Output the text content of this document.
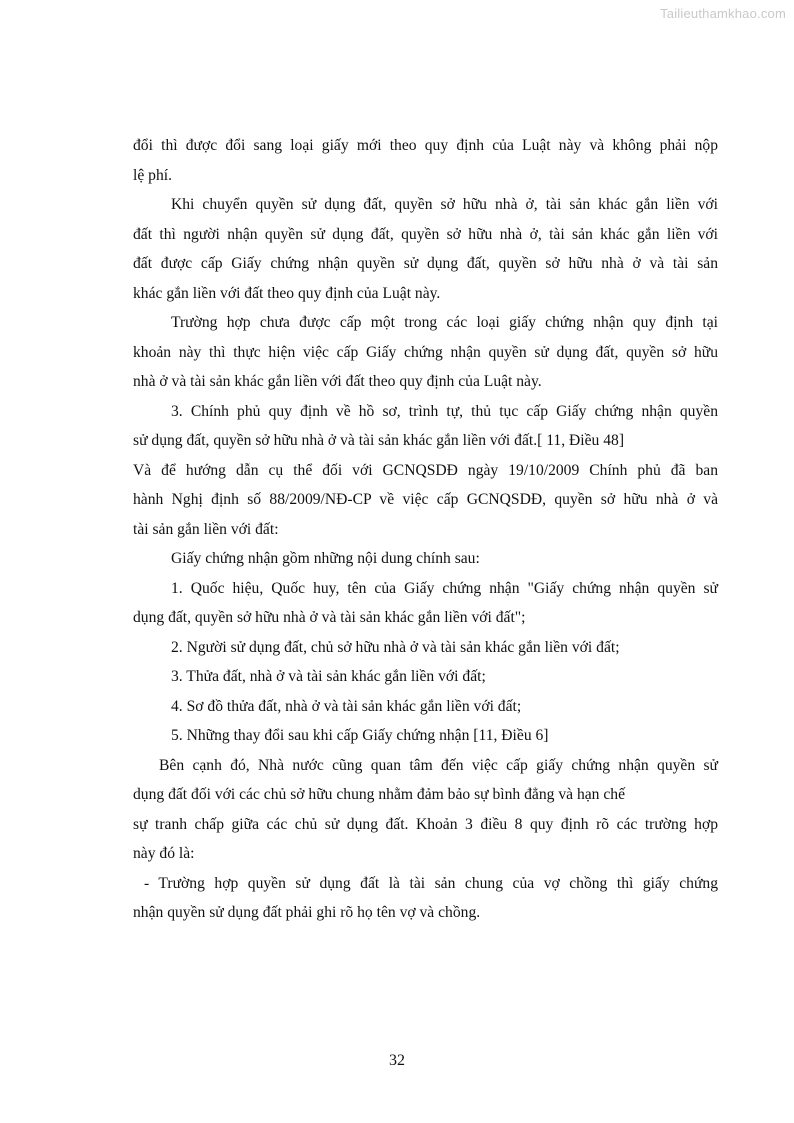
Tailieuthamkhao.com
đổi thì được đổi sang loại giấy mới theo quy định của Luật này và không phải nộp
lệ phí.
Khi chuyển quyền sử dụng đất, quyền sở hữu nhà ở, tài sản khác gắn liền với
đất thì người nhận quyền sử dụng đất, quyền sở hữu nhà ở, tài sản khác gắn liền với
đất được cấp Giấy chứng nhận quyền sử dụng đất, quyền sở hữu nhà ở và tài sản
khác gắn liền với đất theo quy định của Luật này.
Trường hợp chưa được cấp một trong các loại giấy chứng nhận quy định tại
khoản này thì thực hiện việc cấp Giấy chứng nhận quyền sử dụng đất, quyền sở hữu
nhà ở và tài sản khác gắn liền với đất theo quy định của Luật này.
3. Chính phủ quy định về hồ sơ, trình tự, thủ tục cấp Giấy chứng nhận quyền
sử dụng đất, quyền sở hữu nhà ở và tài sản khác gắn liền với đất.[ 11, Điều 48]
Và để hướng dẫn cụ thể đối với GCNQSDĐ ngày 19/10/2009 Chính phủ đã ban
hành Nghị định số 88/2009/NĐ-CP về việc cấp GCNQSDĐ, quyền sở hữu nhà ở và
tài sản gắn liền với đất:
Giấy chứng nhận gồm những nội dung chính sau:
1. Quốc hiệu, Quốc huy, tên của Giấy chứng nhận "Giấy chứng nhận quyền sử
dụng đất, quyền sở hữu nhà ở và tài sản khác gắn liền với đất";
2. Người sử dụng đất, chủ sở hữu nhà ở và tài sản khác gắn liền với đất;
3. Thửa đất, nhà ở và tài sản khác gắn liền với đất;
4. Sơ đồ thửa đất, nhà ở và tài sản khác gắn liền với đất;
5. Những thay đổi sau khi cấp Giấy chứng nhận [11, Điều 6]
Bên cạnh đó, Nhà nước cũng quan tâm đến việc cấp giấy chứng nhận quyền sử
dụng đất đối với các chủ sở hữu chung nhằm đảm bảo sự bình đẳng và hạn chế
sự tranh chấp giữa các chủ sử dụng đất. Khoản 3 điều 8 quy định rõ các trường hợp
này đó là:
- Trường hợp quyền sử dụng đất là tài sản chung của vợ chồng thì giấy chứng
nhận quyền sử dụng đất phải ghi rõ họ tên vợ và chồng.
32
